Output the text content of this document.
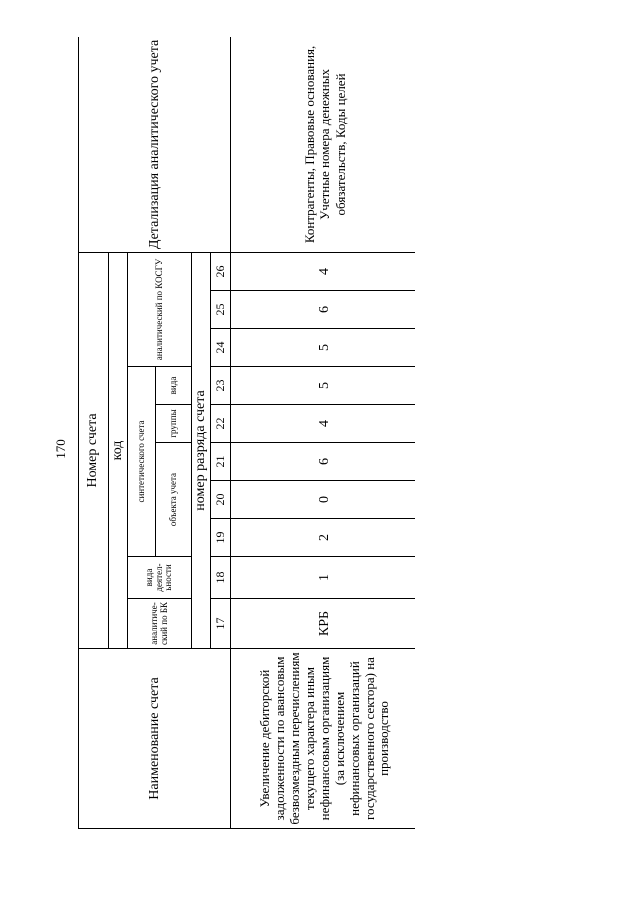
170
Наименование счета	Номер счета										Детализация аналитического учета
	код										
	аналитический по БК	вида деятельности	синтетического счета					аналитический по КОСГУ			
			объекта учета			группы	вида				
	номер разряда счета										
	17	18	19	20	21	22	23	24	25	26	
Увеличение дебиторской задолженности по авансовым безвозмездным перечислениям текущего характера иным нефинансовым организациям (за исключением нефинансовых организаций государственного сектора) на производство	КРБ	1	2	0	6	4	5	5	6	4	Контрагенты, Правовые основания, Учетные номера денежных обязательств, Коды целей
